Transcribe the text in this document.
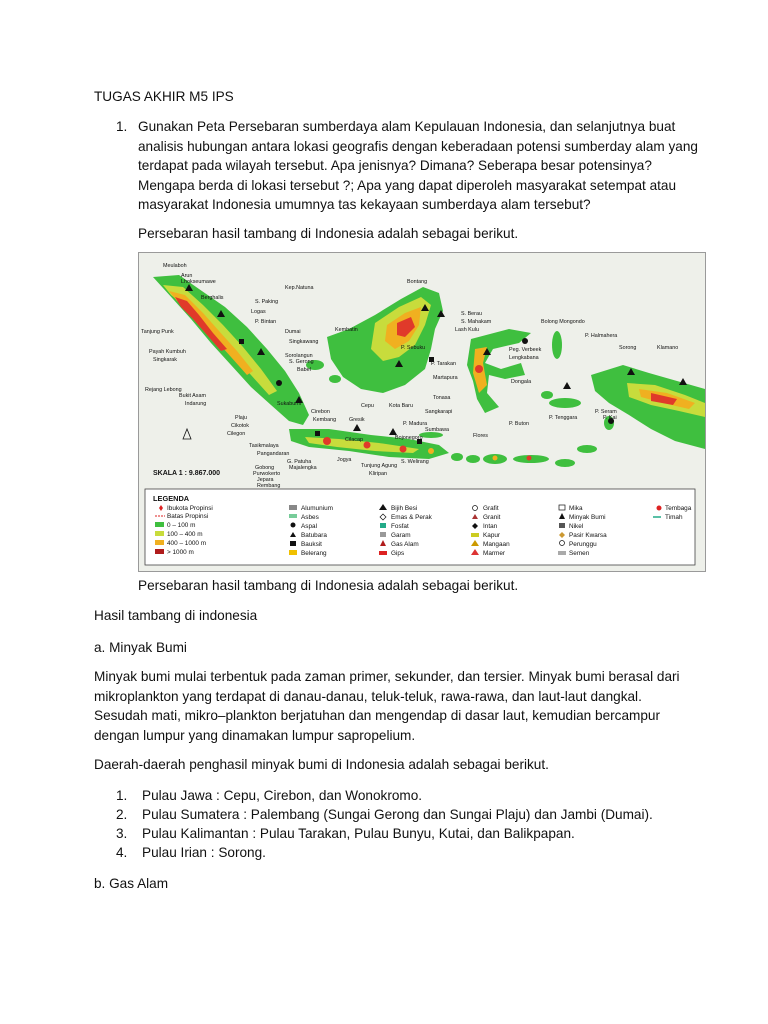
TUGAS AKHIR M5 IPS
1. Gunakan Peta Persebaran sumberdaya alam Kepulauan Indonesia, dan selanjutnya buat
analisis hubungan antara lokasi geografis dengan keberadaan potensi sumberday alam yang
terdapat pada wilayah tersebut. Apa jenisnya? Dimana? Seberapa besar potensinya?
Mengapa berda di lokasi tersebut ?; Apa yang dapat diperoleh masyarakat setempat atau
masyarakat Indonesia umumnya tas kekayaan sumberdaya alam tersebut?
Persebaran hasil tambang di Indonesia adalah sebagai berikut.
Meulaboh
Arun
Lhokseumawe
Berghalis
S. Paking
Kep.Natuna
Logas
P. Bintan
Dumai
Singkawang
Sorolangun
S. Gerong
Babel
Tanjung Punk
Payah Kumbuh
Singkarak
Rejang Lebong
Bukit Asam
Indarung
Plaju
Sukabumi
Cikotok
Cilegon
Tasikmalaya
Pangandaran
Gobong
Purwokerto
Jepara
Rembang
G. Patuha
Majalengka
Jogya
Cirebon
Cepu
Gresik
Kota Baru
Kembang
Tunjung Agung
Kliripan
Bojonegoro
P. Madura
Sumbawa
S. Welirang
Flores
Sangkarapi
Martapura
Bontang
Kembatin
S. Berau
S. Mahakam
Lash Kulu
P. Sebuku
P. Tarakan
Tonasa
Peg. Verbeek
Lengkabana
Dongala
Bolong Mongondo
P. Halmahera
Sorong	Klamano
P. Seram
P. Kai
P. Tenggara
P. Buton
Cilacap
SKALA 1 : 9.867.000
LEGENDA
Ibukota Propinsi
Batas Propinsi
0 – 100 m
100 – 400 m
400 – 1000 m
> 1000 m
Alumunium
Asbes
Aspal
Batubara
Bauksit
Belerang
Bijih Besi
Emas & Perak
Fosfat
Garam
Gas Alam
Gips
Grafit
Granit
Intan
Kapur
Mangaan
Marmer
Mika
Minyak Bumi
Nikel
Pasir Kwarsa
Perunggu
Semen
Tembaga
Timah
Persebaran hasil tambang di Indonesia adalah sebagai berikut.
Hasil tambang di indonesia
a. Minyak Bumi
Minyak bumi mulai terbentuk pada zaman primer, sekunder, dan tersier. Minyak bumi berasal dari
mikroplankton yang terdapat di danau-danau, teluk-teluk, rawa-rawa, dan laut-laut dangkal.
Sesudah mati, mikro–plankton berjatuhan dan mengendap di dasar laut, kemudian bercampur
dengan lumpur yang dinamakan lumpur sapropelium.
Daerah-daerah penghasil minyak bumi di Indonesia adalah sebagai berikut.
1. Pulau Jawa : Cepu, Cirebon, dan Wonokromo.
2. Pulau Sumatera : Palembang (Sungai Gerong dan Sungai Plaju) dan Jambi (Dumai).
3. Pulau Kalimantan : Pulau Tarakan, Pulau Bunyu, Kutai, dan Balikpapan.
4. Pulau Irian : Sorong.
b. Gas Alam
